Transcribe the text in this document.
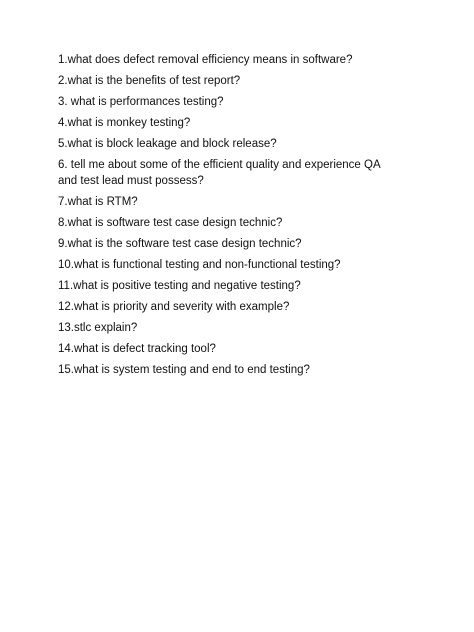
1.what does defect removal efficiency means in software?
2.what is the benefits of test report?
3. what is performances testing?
4.what is monkey testing?
5.what is block leakage and block release?
6. tell me about some of the efficient quality and experience QA and test lead must possess?
7.what is RTM?
8.what is software test case design technic?
9.what is the software test case design technic?
10.what is functional testing and non-functional testing?
11.what is positive testing and negative testing?
12.what is priority and severity with example?
13.stlc explain?
14.what is defect tracking tool?
15.what is system testing and end to end testing?
